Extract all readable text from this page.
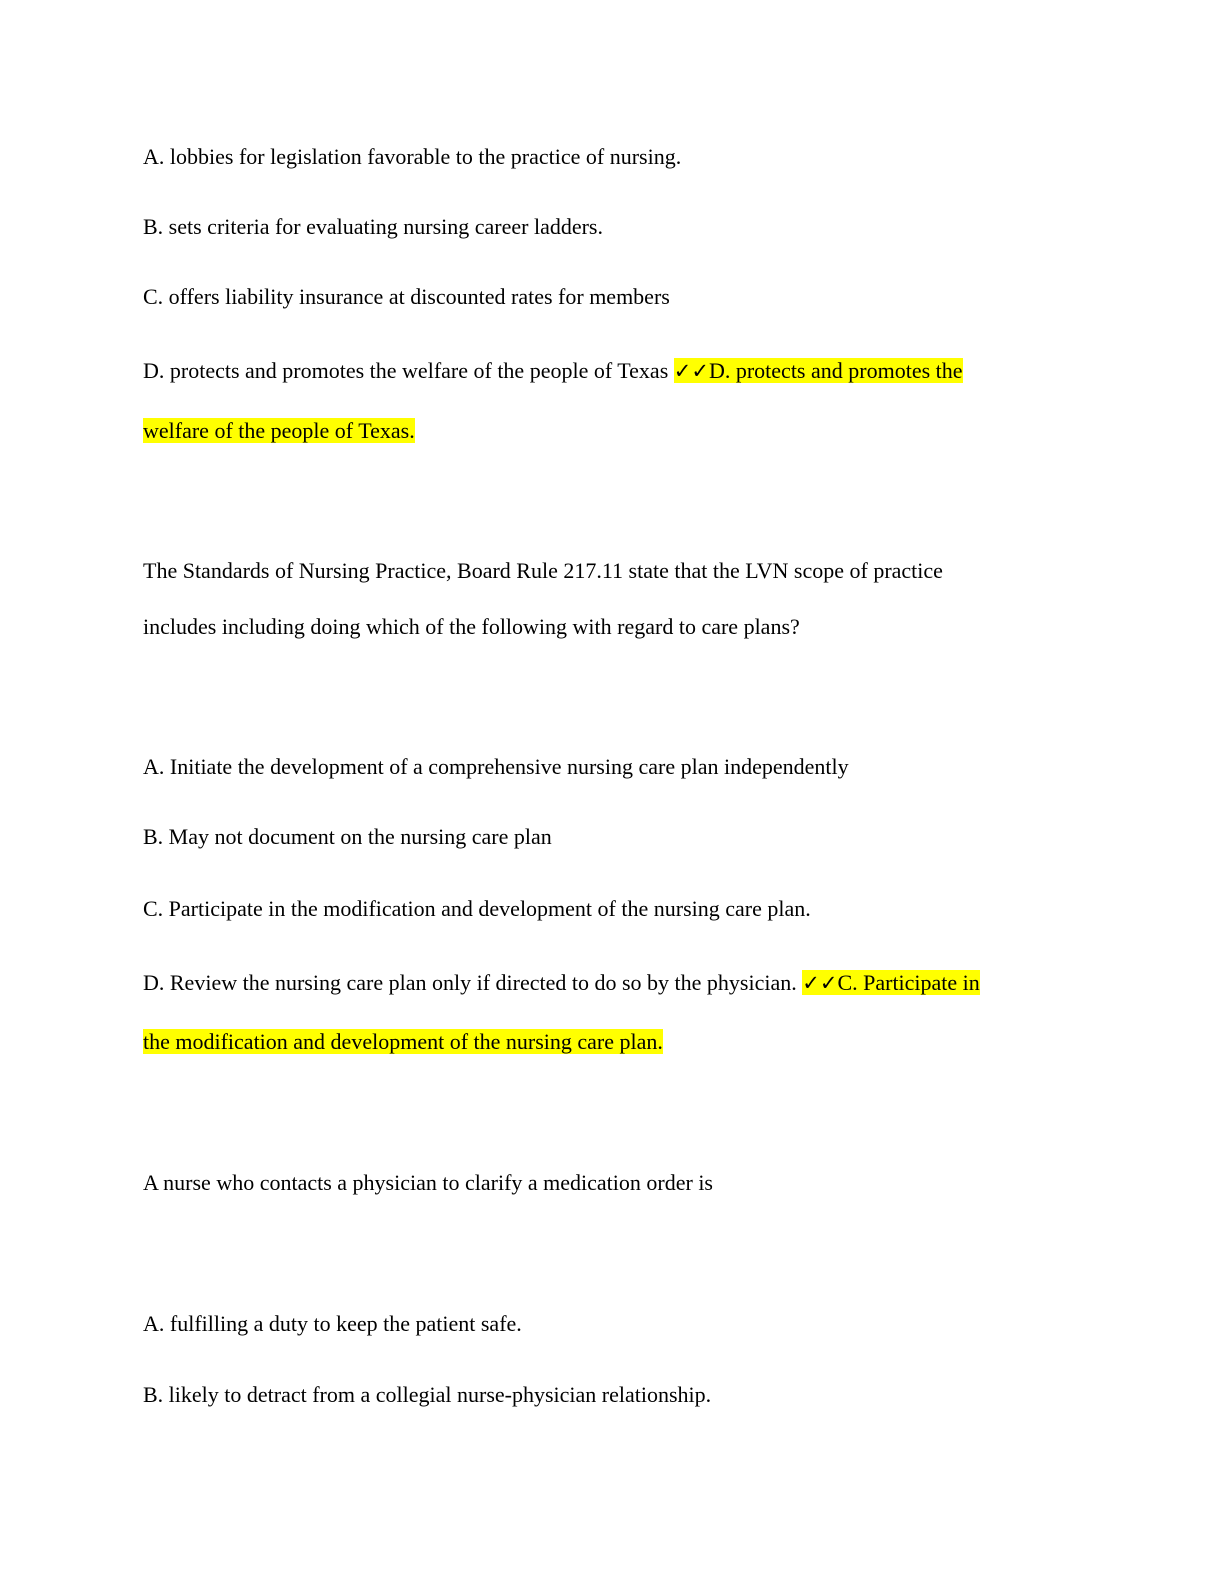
A. lobbies for legislation favorable to the practice of nursing.

B. sets criteria for evaluating nursing career ladders.

C. offers liability insurance at discounted rates for members

D. protects and promotes the welfare of the people of Texas ✓✓D. protects and promotes the

welfare of the people of Texas.

The Standards of Nursing Practice, Board Rule 217.11 state that the LVN scope of practice

includes including doing which of the following with regard to care plans?

A. Initiate the development of a comprehensive nursing care plan independently

B. May not document on the nursing care plan

C. Participate in the modification and development of the nursing care plan.

D. Review the nursing care plan only if directed to do so by the physician. ✓✓C. Participate in

the modification and development of the nursing care plan.

A nurse who contacts a physician to clarify a medication order is

A. fulfilling a duty to keep the patient safe.

B. likely to detract from a collegial nurse-physician relationship.
